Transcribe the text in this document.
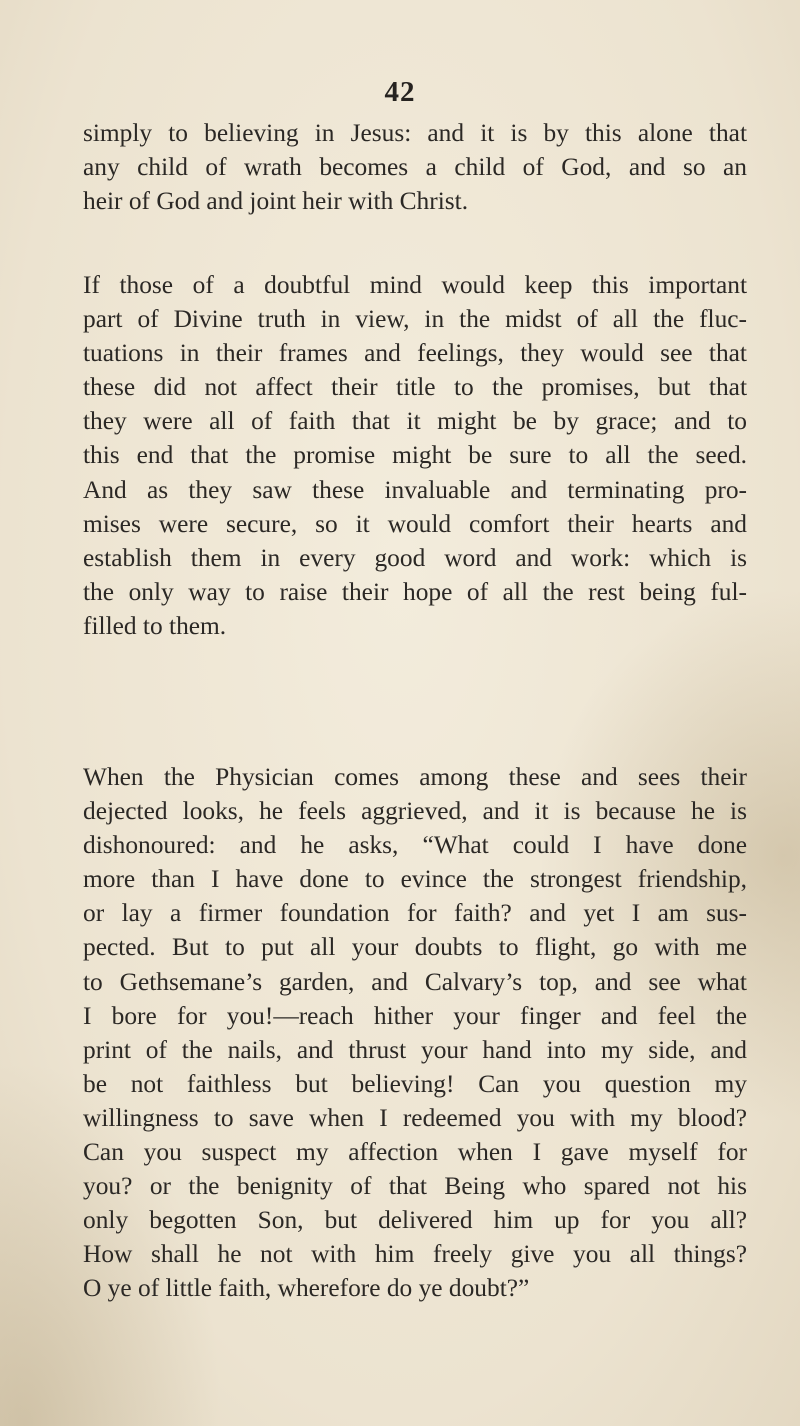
42
simply to believing in Jesus: and it is by this alone that
any child of wrath becomes a child of God, and so an
heir of God and joint heir with Christ.
If those of a doubtful mind would keep this important
part of Divine truth in view, in the midst of all the fluc-
tuations in their frames and feelings, they would see that
these did not affect their title to the promises, but that
they were all of faith that it might be by grace; and to
this end that the promise might be sure to all the seed.
And as they saw these invaluable and terminating pro-
mises were secure, so it would comfort their hearts and
establish them in every good word and work: which is
the only way to raise their hope of all the rest being ful-
filled to them.
When the Physician comes among these and sees their
dejected looks, he feels aggrieved, and it is because he is
dishonoured: and he asks, “What could I have done
more than I have done to evince the strongest friendship,
or lay a firmer foundation for faith? and yet I am sus-
pected. But to put all your doubts to flight, go with me
to Gethsemane’s garden, and Calvary’s top, and see what
I bore for you!—reach hither your finger and feel the
print of the nails, and thrust your hand into my side, and
be not faithless but believing! Can you question my
willingness to save when I redeemed you with my blood?
Can you suspect my affection when I gave myself for
you? or the benignity of that Being who spared not his
only begotten Son, but delivered him up for you all?
How shall he not with him freely give you all things?
O ye of little faith, wherefore do ye doubt?”
